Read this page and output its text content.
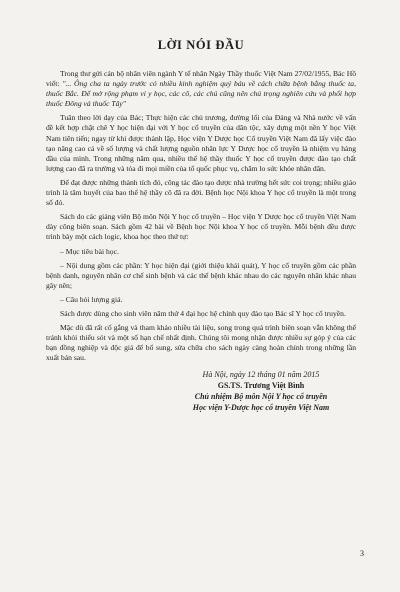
LỜI NÓI ĐẦU

Trong thư gửi cán bộ nhân viên ngành Y tế nhân Ngày Thầy thuốc Việt Nam 27/02/1955, Bác Hồ viết: "... Ông cha ta ngày trước có nhiều kinh nghiệm quý báu về cách chữa bệnh bằng thuốc ta, thuốc Bắc. Để mở rộng phạm vi y học, các cô, các chú cũng nên chú trọng nghiên cứu và phối hợp thuốc Đông và thuốc Tây"

Tuân theo lời dạy của Bác; Thực hiện các chủ trương, đường lối của Đảng và Nhà nước về vấn đề kết hợp chặt chẽ Y học hiện đại với Y học cổ truyền của dân tộc, xây dựng một nền Y học Việt Nam tiên tiến; ngay từ khi được thành lập, Học viện Y Dược học Cổ truyền Việt Nam đã lấy việc đào tạo nâng cao cả về số lượng và chất lượng nguồn nhân lực Y Dược học cổ truyền là nhiệm vụ hàng đầu của mình. Trong những năm qua, nhiều thế hệ thầy thuốc Y học cổ truyền được đào tạo chất lượng cao đã ra trường và tỏa đi mọi miền của tổ quốc phục vụ, chăm lo sức khỏe nhân dân.

Để đạt được những thành tích đó, công tác đào tạo được nhà trường hết sức coi trọng; nhiều giáo trình là tâm huyết của bao thế hệ thầy cô đã ra đời. Bệnh học Nội khoa Y học cổ truyền là một trong số đó.

Sách do các giảng viên Bộ môn Nội Y học cổ truyền – Học viện Y Dược học cổ truyền Việt Nam dày công biên soạn. Sách gồm 42 bài về Bệnh học Nội khoa Y học cổ truyền. Mỗi bệnh đều được trình bày một cách logic, khoa học theo thứ tự:

– Mục tiêu bài học.

– Nội dung gồm các phần: Y học hiện đại (giới thiệu khái quát), Y học cổ truyền gồm các phần bệnh danh, nguyên nhân cơ chế sinh bệnh và các thể bệnh khác nhau do các nguyên nhân khác nhau gây nên;

– Câu hỏi lượng giá.

Sách được dùng cho sinh viên năm thứ 4 đại học hệ chính quy đào tạo Bác sĩ Y học cổ truyền.

Mặc dù đã rất cố gắng và tham khảo nhiều tài liệu, song trong quá trình biên soạn vẫn không thể tránh khỏi thiếu sót và một số hạn chế nhất định. Chúng tôi mong nhận được nhiều sự góp ý của các bạn đồng nghiệp và độc giả để bổ sung, sửa chữa cho sách ngày càng hoàn chỉnh trong những lần xuất bản sau.

Hà Nội, ngày 12 tháng 01 năm 2015
GS.TS. Trương Việt Bình
Chủ nhiệm Bộ môn Nội Y học cổ truyền
Học viện Y-Dược học cổ truyền Việt Nam
3
